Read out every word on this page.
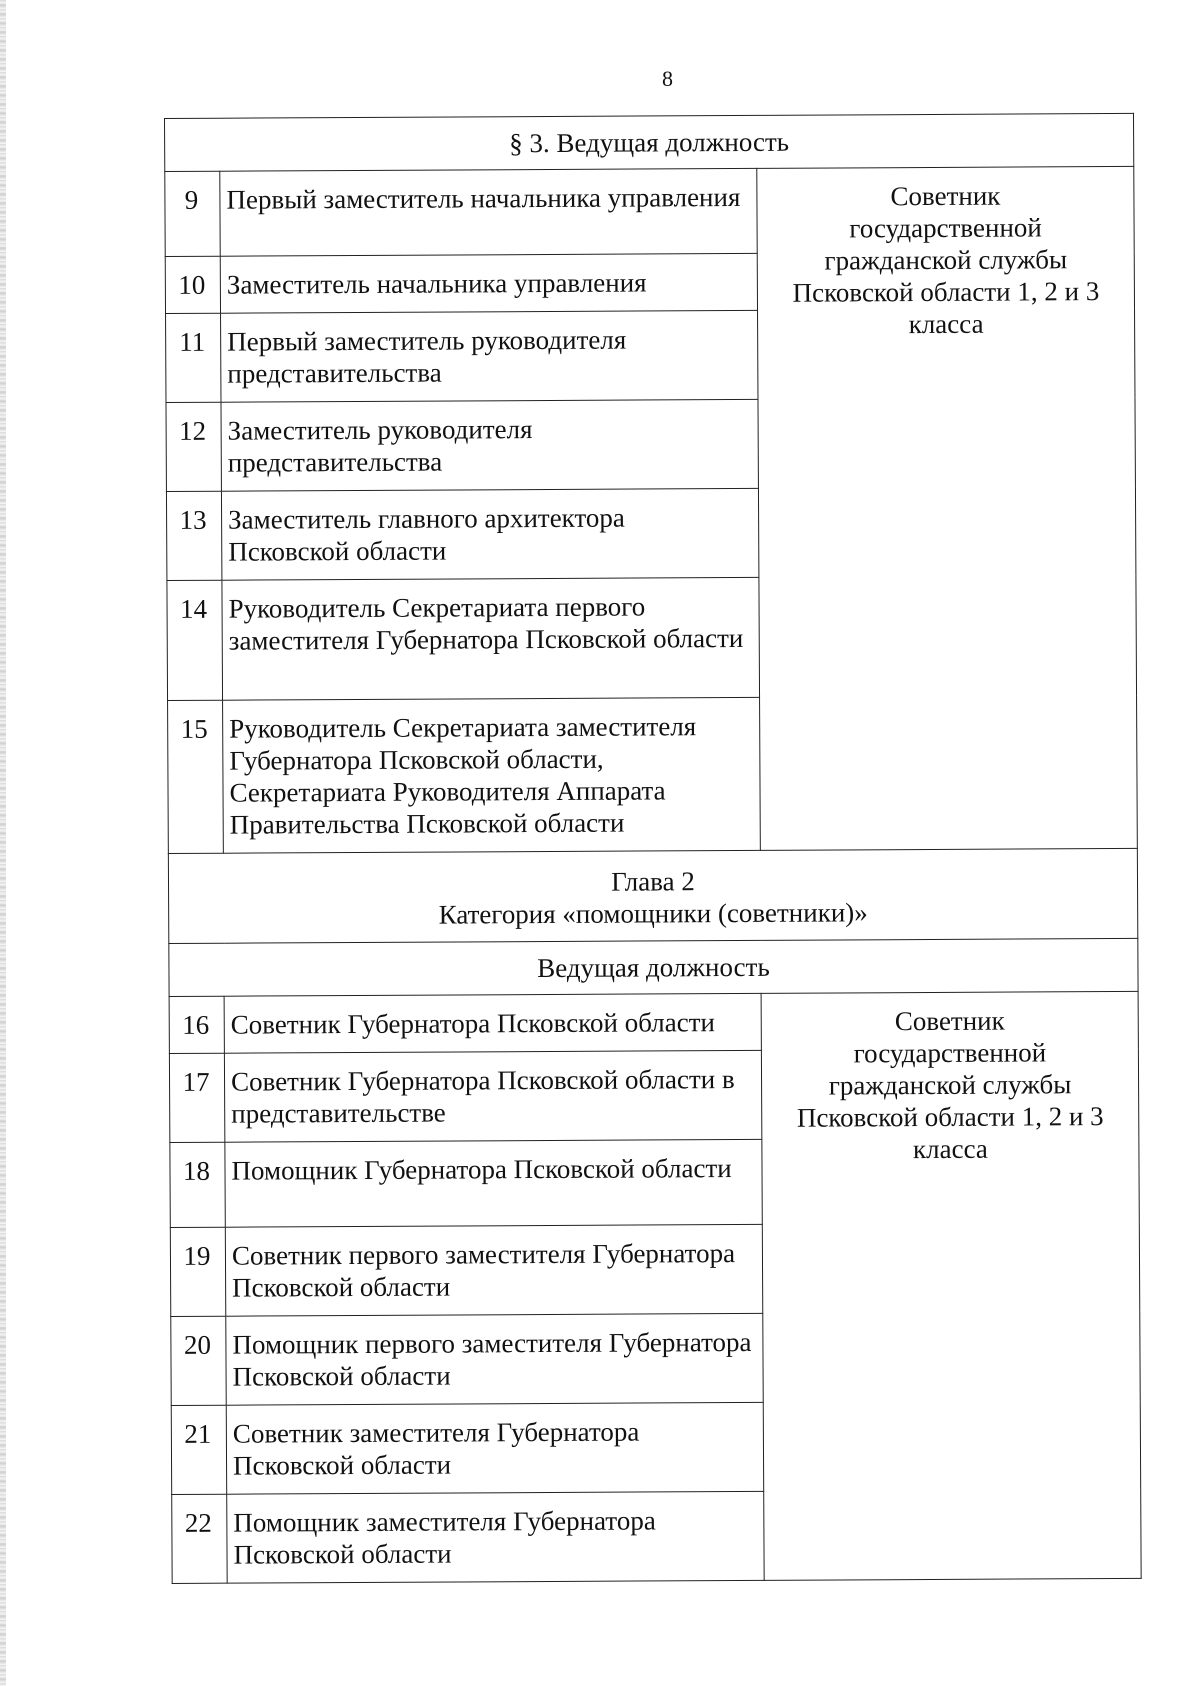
8
§ 3. Ведущая должность		
9	Первый заместитель начальника управления	Советник
государственной
гражданской службы
Псковской области 1, 2 и 3
класса

10	Заместитель начальника управления	
11	Первый заместитель руководителя представительства	
12	Заместитель руководителя представительства	
13	Заместитель главного архитектора Псковской области	
14	Руководитель Секретариата первого заместителя Губернатора Псковской области	
15	Руководитель Секретариата заместителя Губернатора Псковской области, Секретариата Руководителя Аппарата Правительства Псковской области	

Глава 2
Категория «помощники (советники)»		

Ведущая должность		
16	Советник Губернатора Псковской области	Советник
государственной
гражданской службы
Псковской области 1, 2 и 3
класса

17	Советник Губернатора Псковской области в представительстве	
18	Помощник Губернатора Псковской области	
19	Советник первого заместителя Губернатора Псковской области	
20	Помощник первого заместителя Губернатора Псковской области	
21	Советник заместителя Губернатора Псковской области	
22	Помощник заместителя Губернатора Псковской области	
